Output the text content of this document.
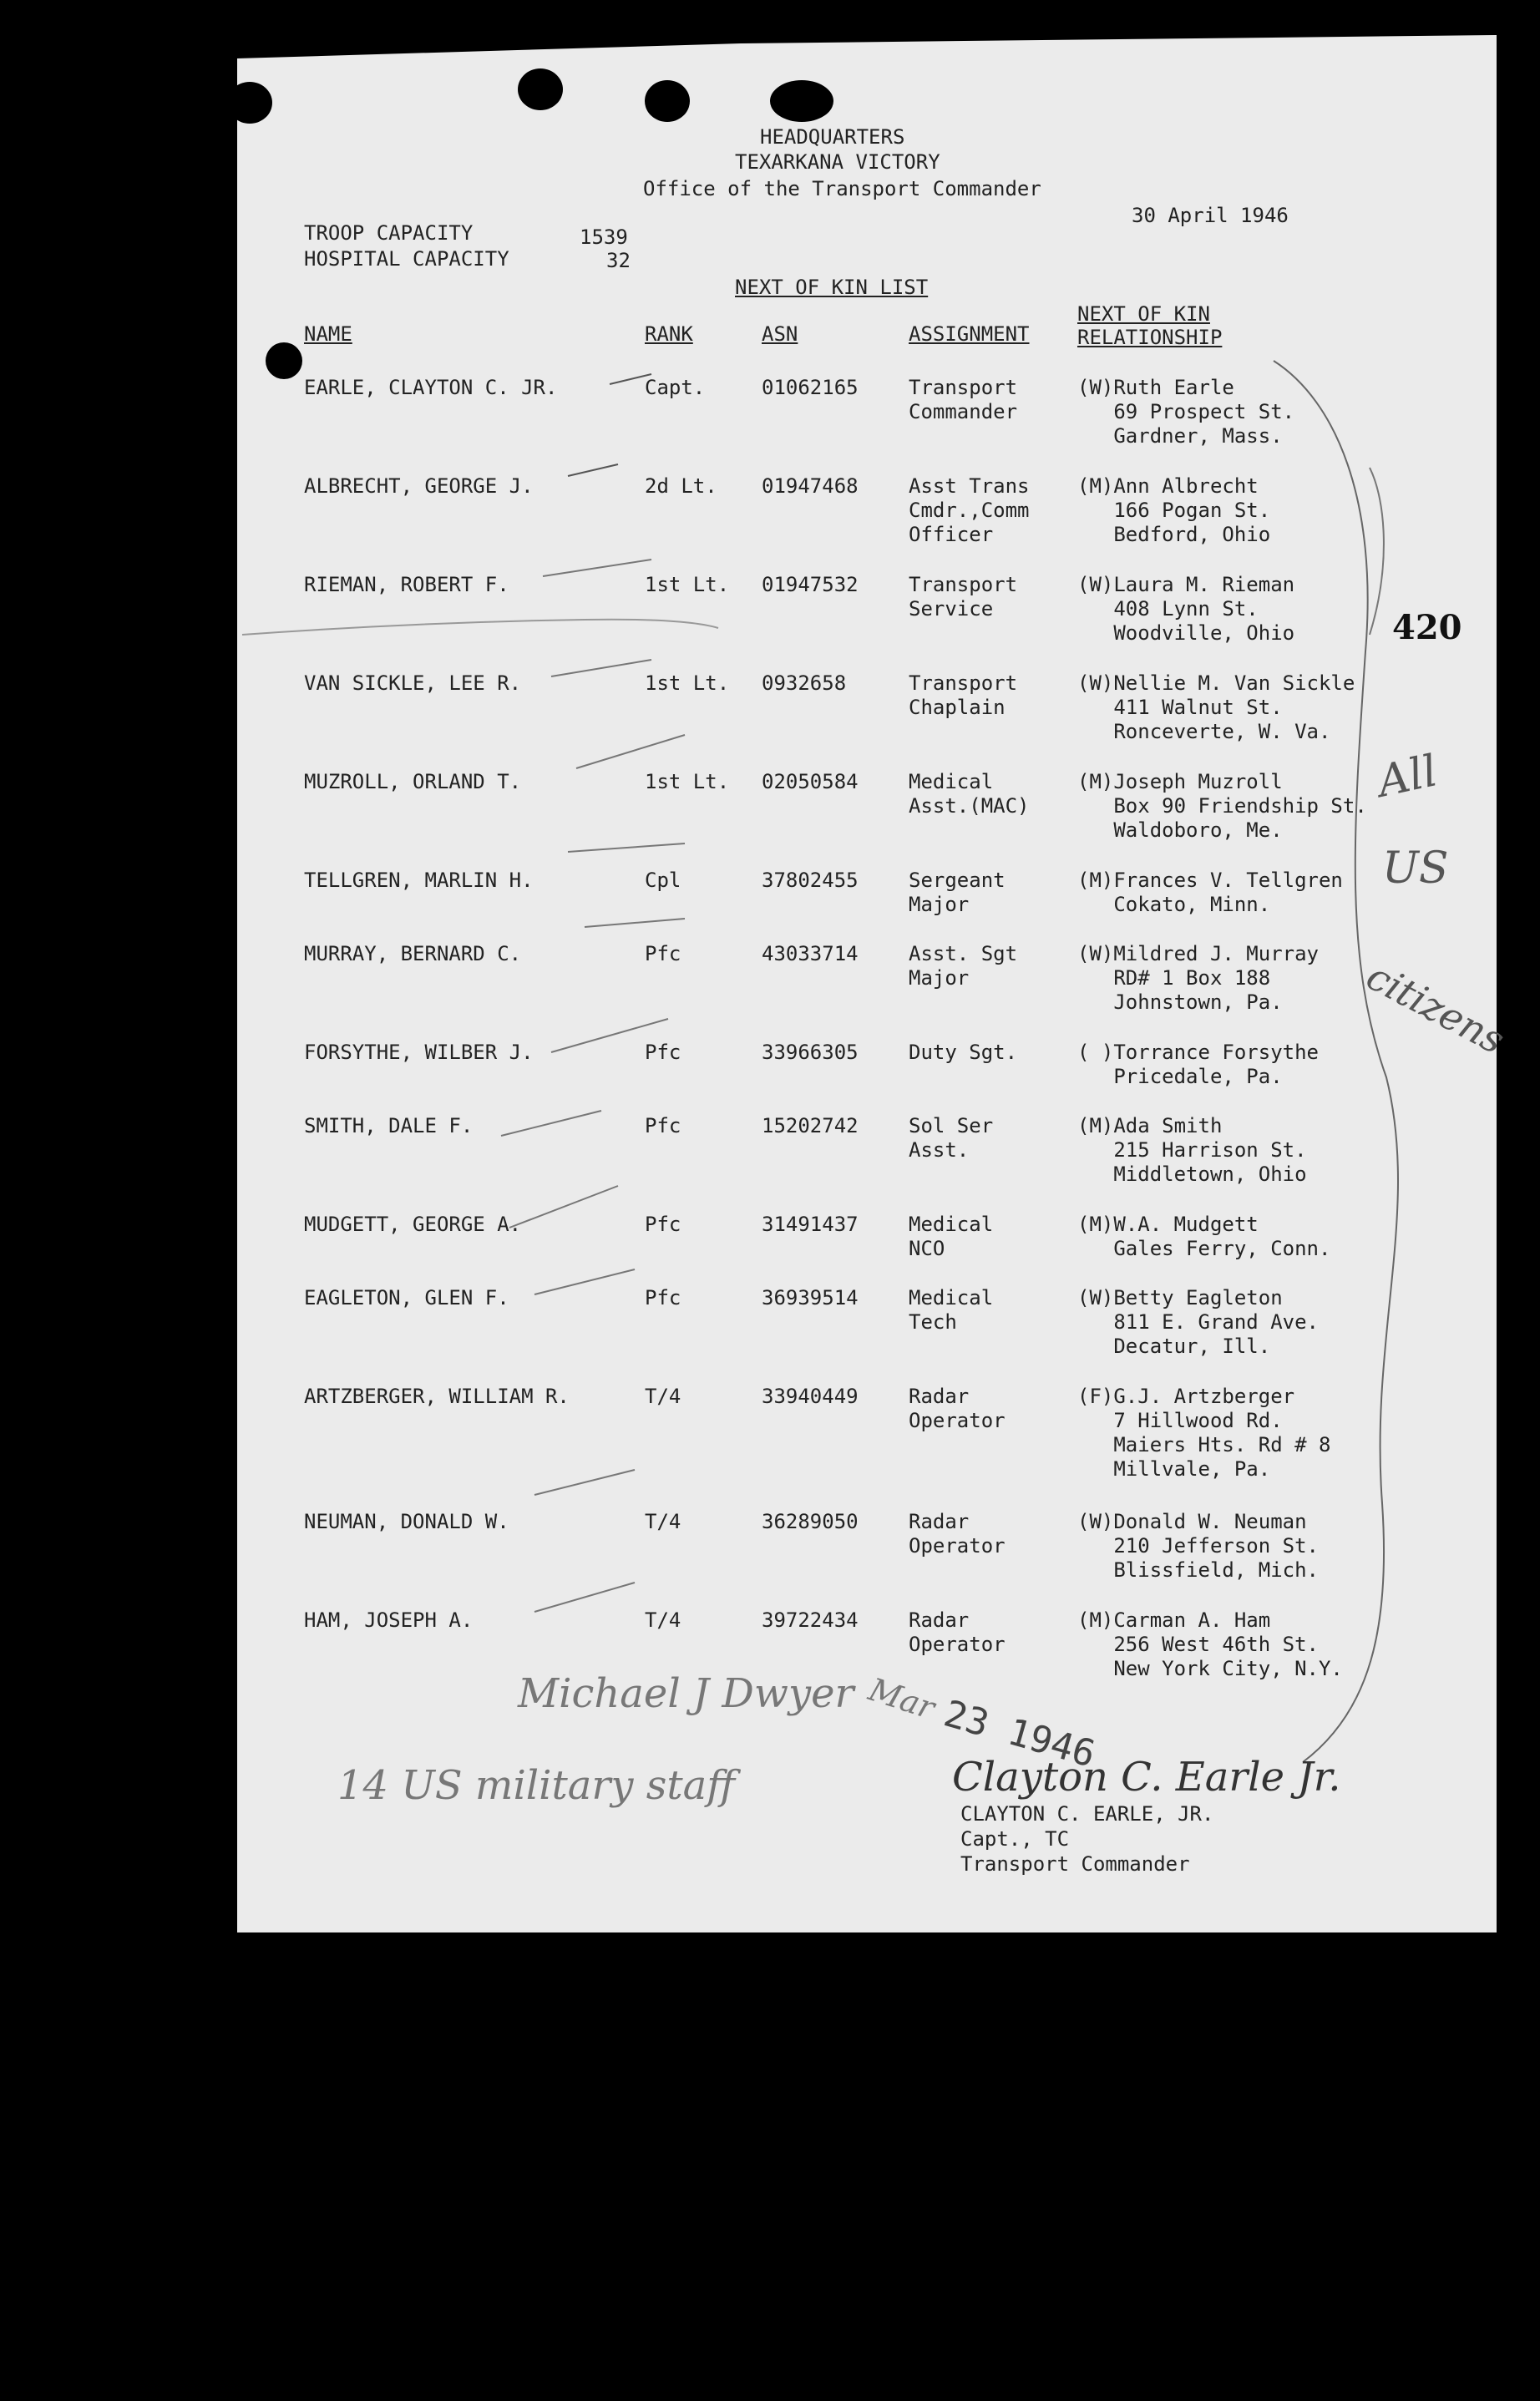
HEADQUARTERS
TEXARKANA VICTORY
Office of the Transport Commander
30 April 1946
TROOP CAPACITY	1539
HOSPITAL CAPACITY	32
NEXT OF KIN LIST
NAME	RANK	ASN	ASSIGNMENT
NEXT OF KIN
RELATIONSHIP
EARLE, CLAYTON C. JR.	Capt.	01062165	Transport
Commander
(W)Ruth Earle
69 Prospect St.
Gardner, Mass.
ALBRECHT, GEORGE J.	2d Lt. 01947468	Asst Trans
Cmdr.,Comm
Officer
(M)Ann Albrecht
166 Pogan St.
Bedford, Ohio
RIEMAN, ROBERT F.	1st Lt. 01947532	Transport
Service
(W)Laura M. Rieman
408 Lynn St.
Woodville, Ohio
VAN SICKLE, LEE R.	1st Lt. 0932658	Transport
Chaplain
(W)Nellie M. Van Sickle
411 Walnut St.
Ronceverte, W. Va.
MUZROLL, ORLAND T.	1st Lt. 02050584	Medical
Asst.(MAC)
(M)Joseph Muzroll
Box 90 Friendship St.
Waldoboro, Me.
TELLGREN, MARLIN H.	Cpl	37802455	Sergeant
Major
(M)Frances V. Tellgren
Cokato, Minn.
MURRAY, BERNARD C.	Pfc	43033714	Asst. Sgt
Major
(W)Mildred J. Murray
RD# 1 Box 188
Johnstown, Pa.
FORSYTHE, WILBER J.	Pfc	33966305	Duty Sgt.	( )Torrance Forsythe
Pricedale, Pa.
SMITH, DALE F.	Pfc	15202742	Sol Ser
Asst.
(M)Ada Smith
215 Harrison St.
Middletown, Ohio
MUDGETT, GEORGE A.	Pfc	31491437	Medical
NCO
(M)W.A. Mudgett
Gales Ferry, Conn.
EAGLETON, GLEN F.	Pfc	36939514	Medical
Tech
(W)Betty Eagleton
811 E. Grand Ave.
Decatur, Ill.
ARTZBERGER, WILLIAM R.	T/4	33940449	Radar
Operator
(F)G.J. Artzberger
7 Hillwood Rd.
Maiers Hts. Rd # 8
Millvale, Pa.
NEUMAN, DONALD W.	T/4	36289050	Radar
Operator
(W)Donald W. Neuman
210 Jefferson St.
Blissfield, Mich.
HAM, JOSEPH A.	T/4	39722434	Radar
Operator
(M)Carman A. Ham
256 West 46th St.
New York City, N.Y.
420
All
US
citizens
Michael J Dwyer Mar
14 US military staff
23 1946
Clayton C. Earle Jr.
CLAYTON C. EARLE, JR.
Capt., TC
Transport Commander
